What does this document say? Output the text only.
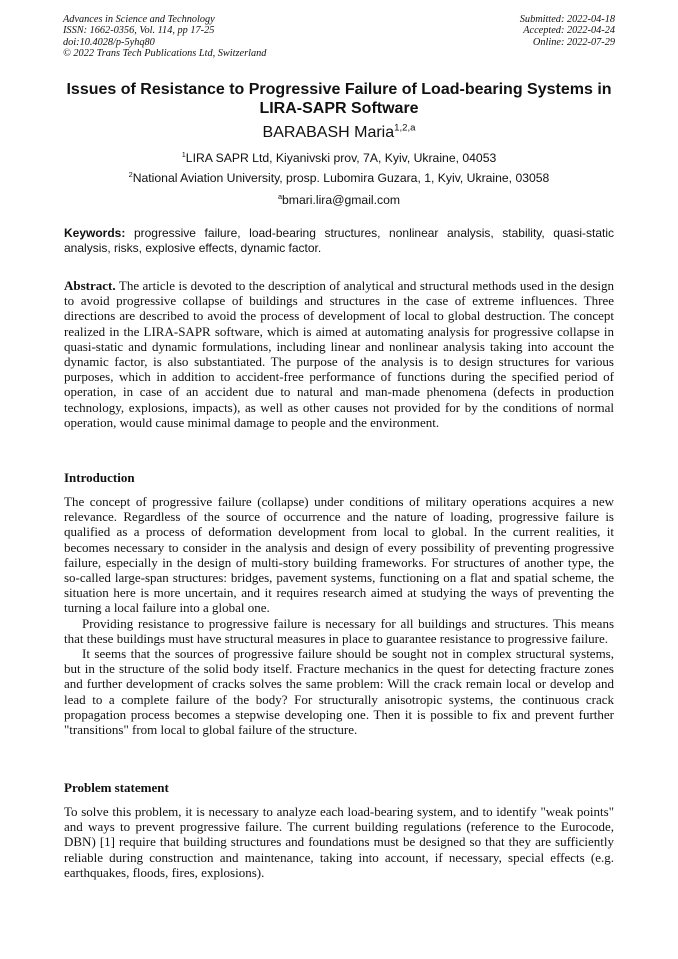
Advances in Science and Technology
ISSN: 1662-0356, Vol. 114, pp 17-25
doi:10.4028/p-5yhq80
© 2022 Trans Tech Publications Ltd, Switzerland
Submitted: 2022-04-18
Accepted: 2022-04-24
Online: 2022-07-29
Issues of Resistance to Progressive Failure of Load-bearing Systems in LIRA-SAPR Software
BARABASH Maria$^{1,2,a}$
$^1$LIRA SAPR Ltd, Kiyanivski prov, 7A, Kyiv, Ukraine, 04053
$^2$National Aviation University, prosp. Lubomira Guzara, 1, Kyiv, Ukraine, 03058
$^a$bmari.lira@gmail.com
Keywords: progressive failure, load-bearing structures, nonlinear analysis, stability, quasi-static analysis, risks, explosive effects, dynamic factor.

Abstract. The article is devoted to the description of analytical and structural methods used in the design to avoid progressive collapse of buildings and structures in the case of extreme influences. Three directions are described to avoid the process of development of local to global destruction. The concept realized in the LIRA-SAPR software, which is aimed at automating analysis for progressive collapse in quasi-static and dynamic formulations, including linear and nonlinear analysis taking into account the dynamic factor, is also substantiated. The purpose of the analysis is to design structures for various purposes, which in addition to accident-free performance of functions during the specified period of operation, in case of an accident due to natural and man-made phenomena (defects in production technology, explosions, impacts), as well as other causes not provided for by the conditions of normal operation, would cause minimal damage to people and the environment.

Introduction

The concept of progressive failure (collapse) under conditions of military operations acquires a new relevance. Regardless of the source of occurrence and the nature of loading, progressive failure is qualified as a process of deformation development from local to global. In the current realities, it becomes necessary to consider in the analysis and design of every possibility of preventing progressive failure, especially in the design of multi-story building frameworks. For structures of another type, the so-called large-span structures: bridges, pavement systems, functioning on a flat and spatial scheme, the situation here is more uncertain, and it requires research aimed at studying the ways of preventing the turning a local failure into a global one.

Providing resistance to progressive failure is necessary for all buildings and structures. This means that these buildings must have structural measures in place to guarantee resistance to progressive failure.

It seems that the sources of progressive failure should be sought not in complex structural systems, but in the structure of the solid body itself. Fracture mechanics in the quest for detecting fracture zones and further development of cracks solves the same problem: Will the crack remain local or develop and lead to a complete failure of the body? For structurally anisotropic systems, the continuous crack propagation process becomes a stepwise developing one. Then it is possible to fix and prevent further "transitions" from local to global failure of the structure.

Problem statement

To solve this problem, it is necessary to analyze each load-bearing system, and to identify "weak points" and ways to prevent progressive failure. The current building regulations (reference to the Eurocode, DBN) [1] require that building structures and foundations must be designed so that they are sufficiently reliable during construction and maintenance, taking into account, if necessary, special effects (e.g. earthquakes, floods, fires, explosions).
